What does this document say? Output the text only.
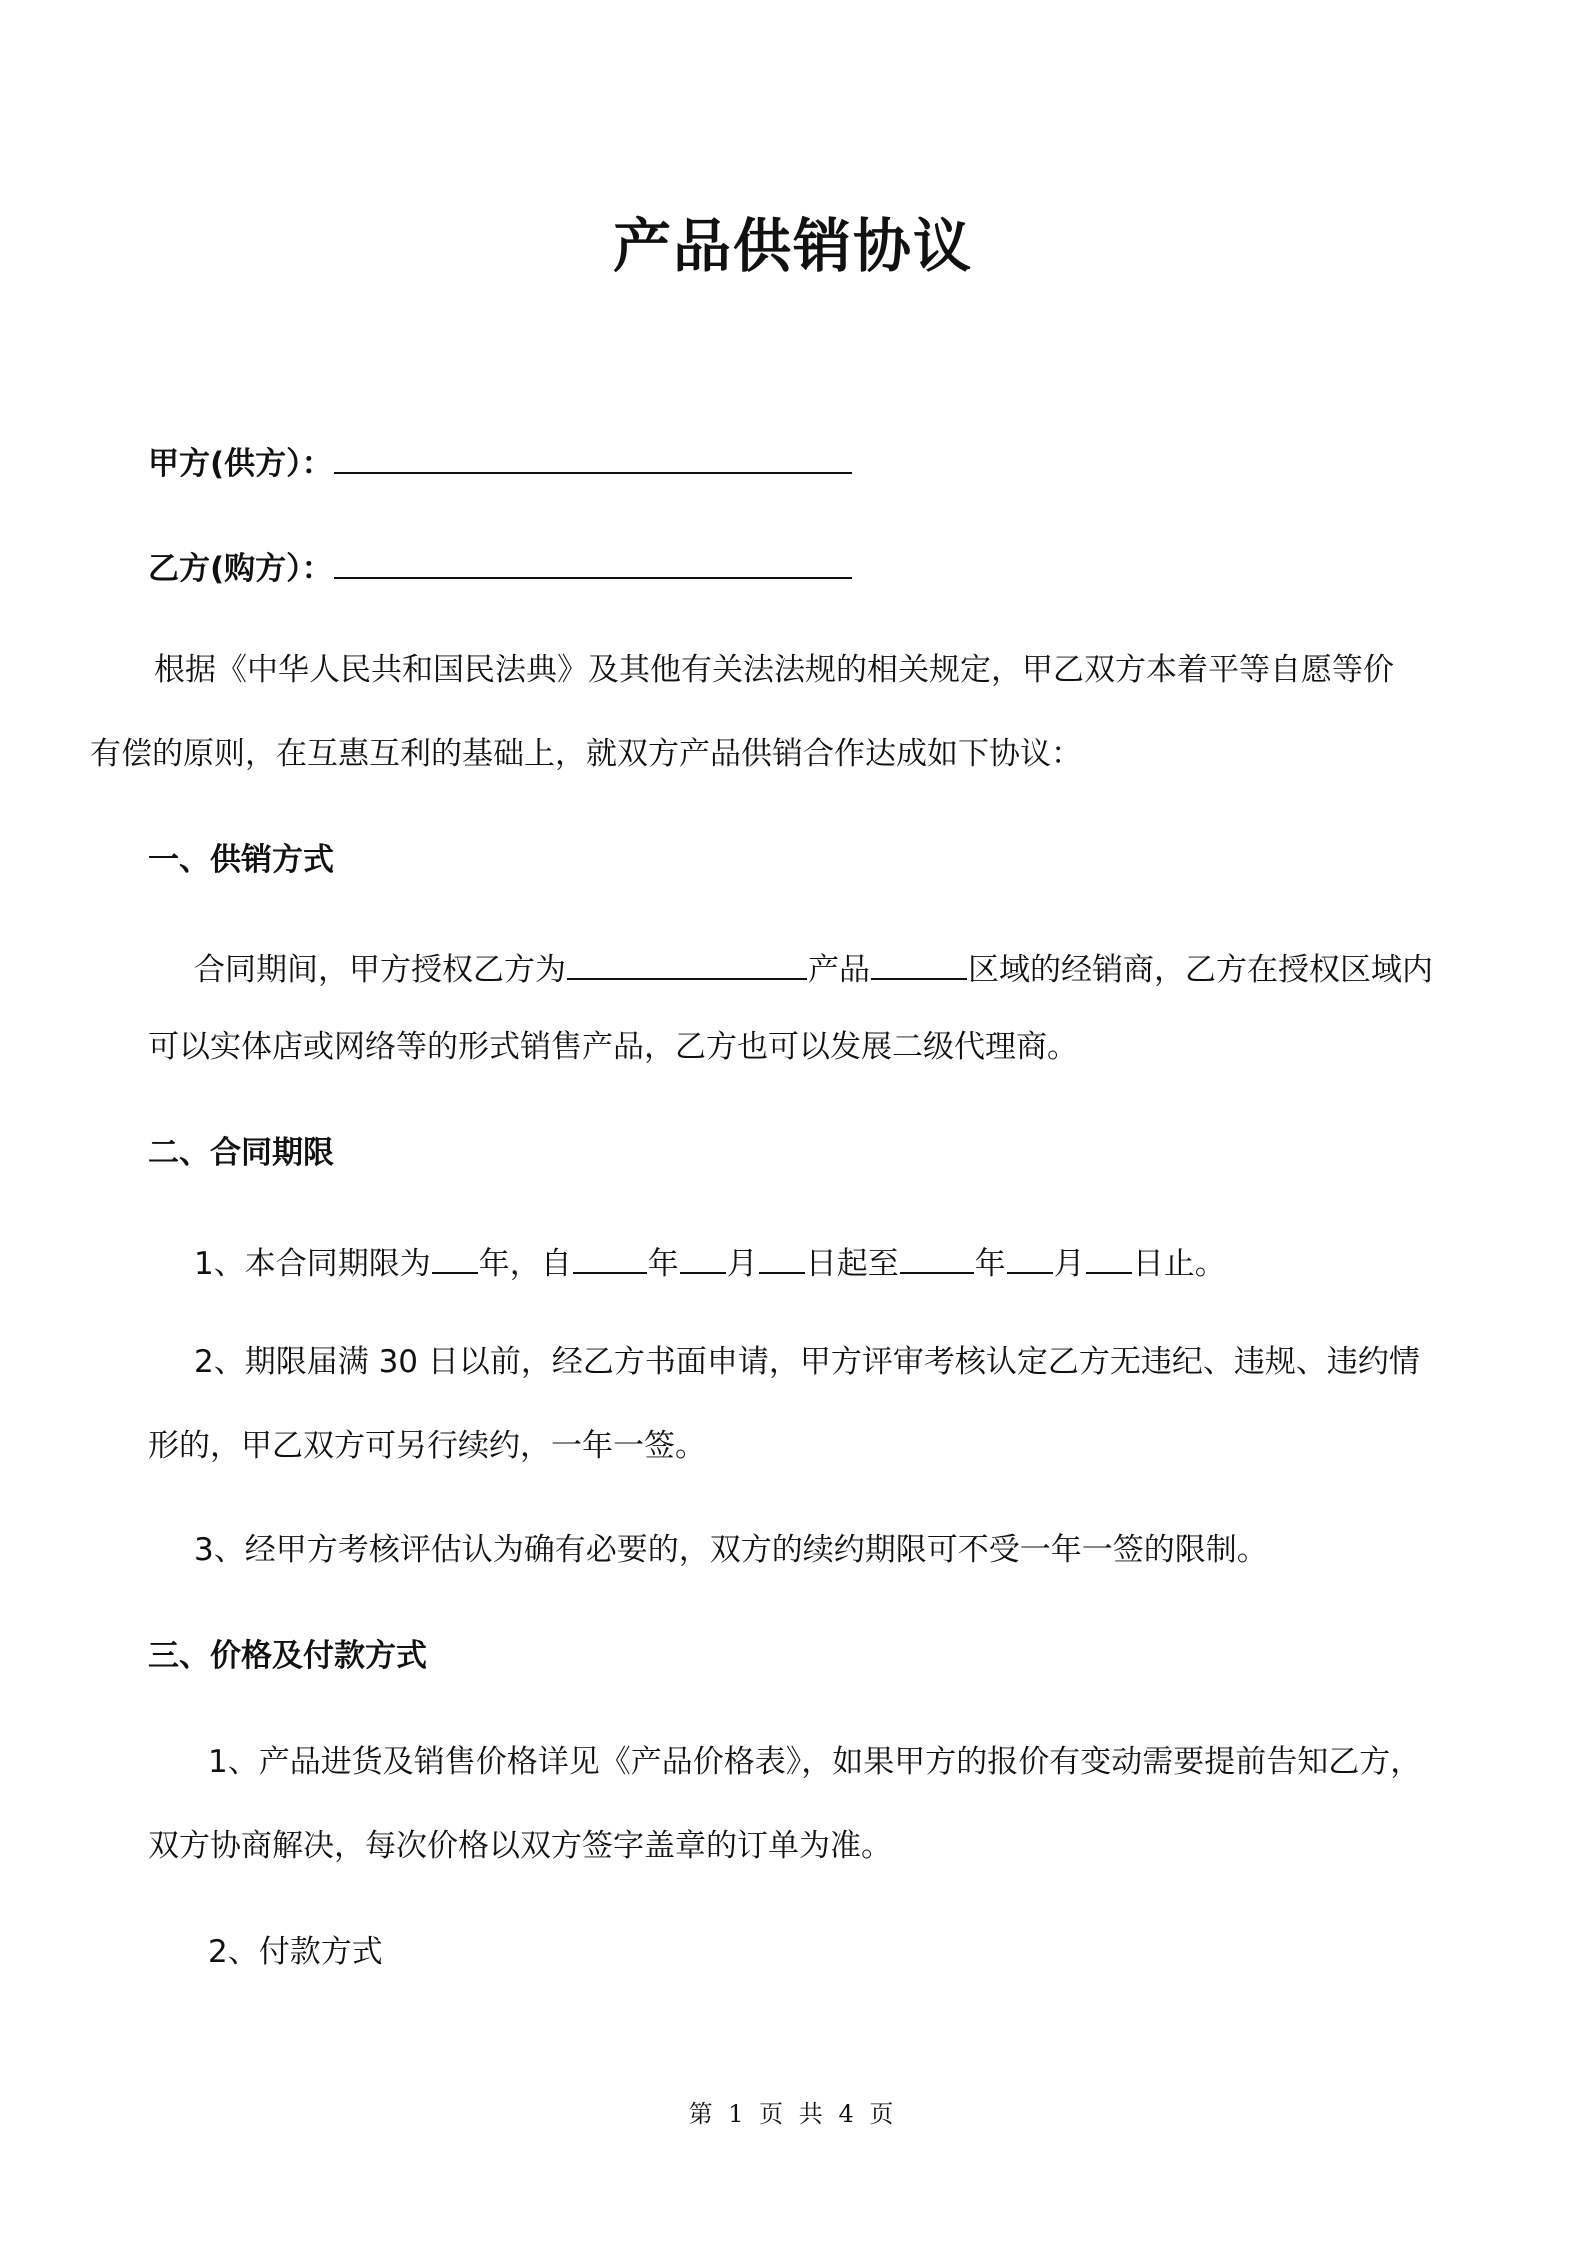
产品供销协议
甲方(供方）：
乙方(购方）：
根据《中华人民共和国民法典》及其他有关法法规的相关规定，甲乙双方本着平等自愿等价
有偿的原则，在互惠互利的基础上，就双方产品供销合作达成如下协议：
一、供销方式
合同期间，甲方授权乙方为	产品	区域的经销商，乙方在授权区域内
可以实体店或网络等的形式销售产品，乙方也可以发展二级代理商。
二、合同期限
1、本合同期限为 年，自 年 月 日起至 年 月 日止。
2、期限届满 30 日以前，经乙方书面申请，甲方评审考核认定乙方无违纪、违规、违约情
形的，甲乙双方可另行续约，一年一签。
3、经甲方考核评估认为确有必要的，双方的续约期限可不受一年一签的限制。
三、价格及付款方式
1、产品进货及销售价格详见《产品价格表》，如果甲方的报价有变动需要提前告知乙方，
双方协商解决，每次价格以双方签字盖章的订单为准。
2、付款方式
第 1 页 共 4 页
